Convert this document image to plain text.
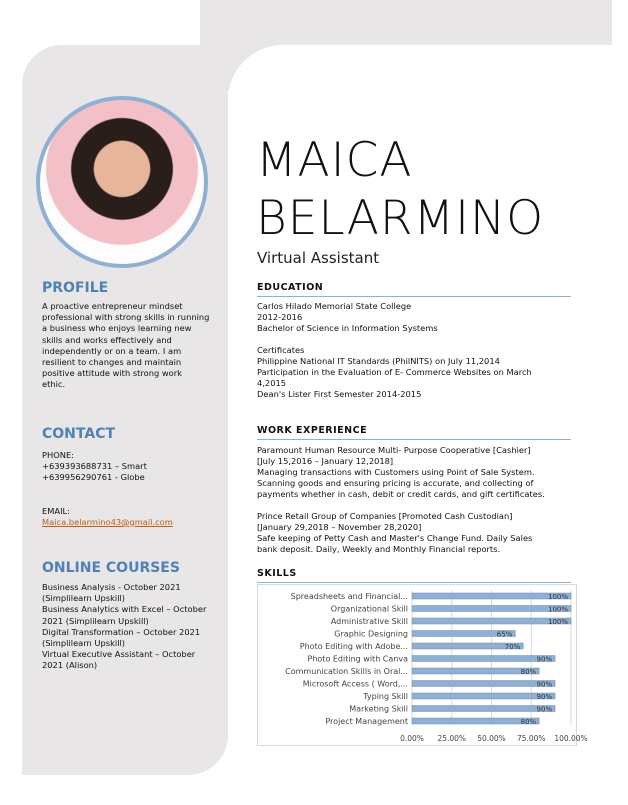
PROFILE
A proactive entrepreneur mindset
professional with strong skills in running
a business who enjoys learning new
skills and works effectively and
independently or on a team. I am
resilient to changes and maintain
positive attitude with strong work
ethic.
CONTACT
PHONE:
+639393688731 – Smart
+639956290761 - Globe
EMAIL:
Maica.belarmino43@gmail.com
ONLINE COURSES
Business Analysis - October 2021
(Simplilearn Upskill)
Business Analytics with Excel – October
2021 (Simplilearn Upskill)
Digital Transformation – October 2021
(Simplilearn Upskill)
Virtual Executive Assistant – October
2021 (Alison)
MAICA
BELARMINO
Virtual Assistant
EDUCATION
Carlos Hilado Memorial State College
2012-2016
Bachelor of Science in Information Systems
Certificates
Philippine National IT Standards (PhilNITS) on July 11,2014
Participation in the Evaluation of E- Commerce Websites on March
4,2015
Dean's Lister First Semester 2014-2015
WORK EXPERIENCE
Paramount Human Resource Multi- Purpose Cooperative [Cashier]
[July 15,2016 – January 12,2018]
Managing transactions with Customers using Point of Sale System.
Scanning goods and ensuring pricing is accurate, and collecting of
payments whether in cash, debit or credit cards, and gift certificates.
Prince Retail Group of Companies [Promoted Cash Custodian]
[January 29,2018 – November 28,2020]
Safe keeping of Petty Cash and Master's Change Fund. Daily Sales
bank deposit. Daily, Weekly and Monthly Financial reports.
SKILLS
0.00% 25.00% 50.00% 75.00% 100.00%
Spreadsheets and Financial...	100%
Organizational Skill	100%
Administrative Skill	100%
Graphic Designing	65%
Photo Editing with Adobe...	70%
Photo Editing with Canva	90%
Communication Skills in Oral...	80%
Microsoft Access ( Word,...	90%
Typing Skill	90%
Marketing Skill	90%
Project Management	80%
